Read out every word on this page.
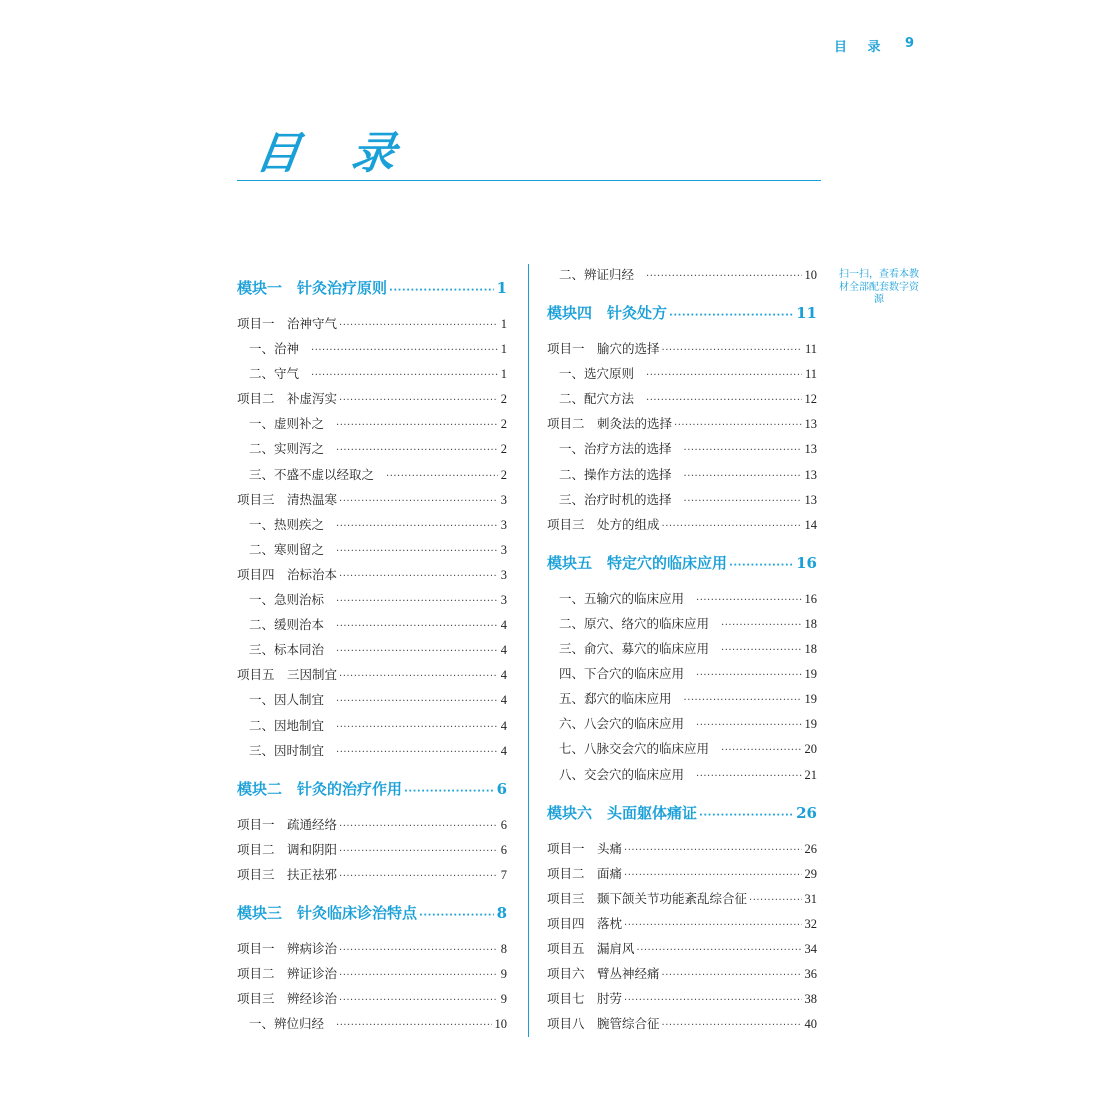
目 录 9
目 录
模块一　针灸治疗原则 ·····	1
项目一　治神守气 ·····	1
一、治神 ·····	1
二、守气 ·····	1
项目二　补虚泻实 ·····	2
一、虚则补之 ·····	2
二、实则泻之 ·····	2
三、不盛不虚以经取之 ·····	2
项目三　清热温寒 ·····	3
一、热则疾之 ·····	3
二、寒则留之 ·····	3
项目四　治标治本 ·····	3
一、急则治标 ·····	3
二、缓则治本 ·····	4
三、标本同治 ·····	4
项目五　三因制宜 ·····	4
一、因人制宜 ·····	4
二、因地制宜 ·····	4
三、因时制宜 ·····	4
模块二　针灸的治疗作用 ·····	6
项目一　疏通经络 ·····	6
项目二　调和阴阳 ·····	6
项目三　扶正祛邪 ·····	7
模块三　针灸临床诊治特点 ·····	8
项目一　辨病诊治 ·····	8
项目二　辨证诊治 ·····	9
项目三　辨经诊治 ·····	9
一、辨位归经 ·····	10
二、辨证归经 ·····	10
模块四　针灸处方 ·····	11
项目一　腧穴的选择 ·····	11
一、选穴原则 ·····	11
二、配穴方法 ·····	12
项目二　刺灸法的选择 ·····	13
一、治疗方法的选择 ·····	13
二、操作方法的选择 ·····	13
三、治疗时机的选择 ·····	13
项目三　处方的组成 ·····	14
模块五　特定穴的临床应用 ·····	16
一、五输穴的临床应用 ·····	16
二、原穴、络穴的临床应用 ·····	18
三、俞穴、募穴的临床应用 ·····	18
四、下合穴的临床应用 ·····	19
五、郄穴的临床应用 ·····	19
六、八会穴的临床应用 ·····	19
七、八脉交会穴的临床应用 ·····	20
八、交会穴的临床应用 ·····	21
模块六　头面躯体痛证 ·····	26
项目一　头痛 ·····	26
项目二　面痛 ·····	29
项目三　颞下颌关节功能紊乱综合征 ·····	31
项目四　落枕 ·····	32
项目五　漏肩风 ·····	34
项目六　臂丛神经痛 ·····	36
项目七　肘劳 ·····	38
项目八　腕管综合征 ·····	40
扫一扫，查看本教材全部配套数字资源
